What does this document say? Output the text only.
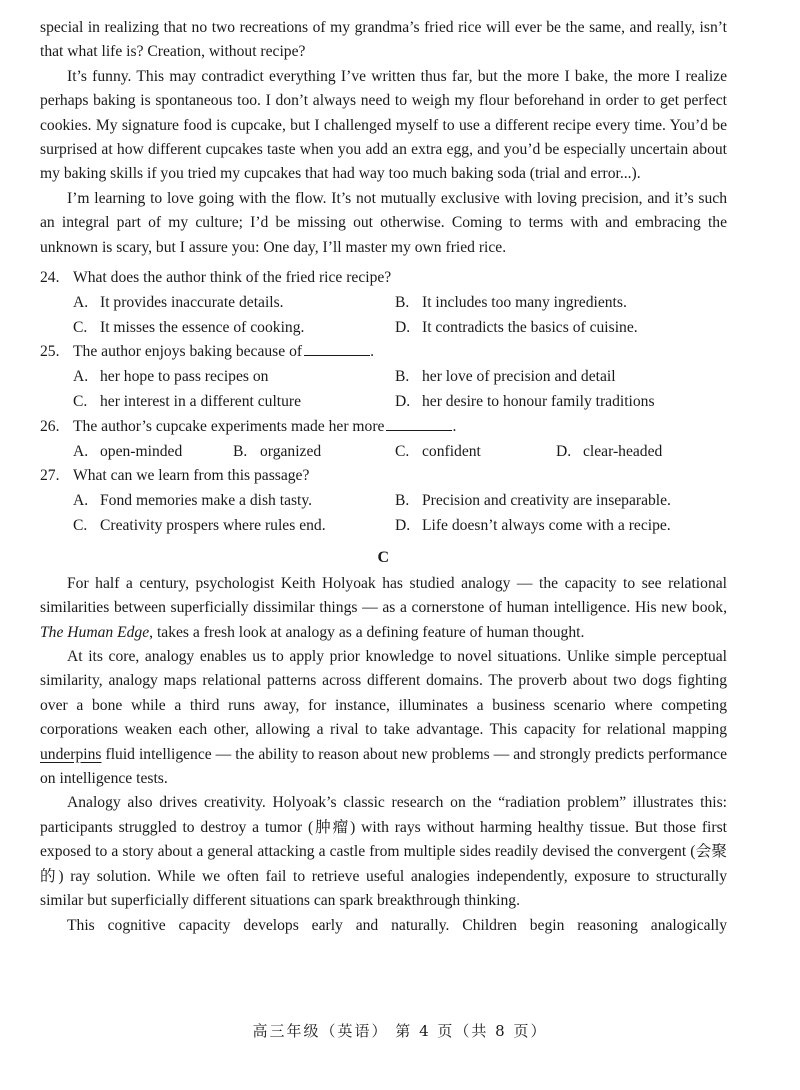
special in realizing that no two recreations of my grandma’s fried rice will ever be the same, and really, isn’t that what life is? Creation, without recipe?

It’s funny. This may contradict everything I’ve written thus far, but the more I bake, the more I realize perhaps baking is spontaneous too. I don’t always need to weigh my flour beforehand in order to get perfect cookies. My signature food is cupcake, but I challenged myself to use a different recipe every time. You’d be surprised at how different cupcakes taste when you add an extra egg, and you’d be especially uncertain about my baking skills if you tried my cupcakes that had way too much baking soda (trial and error...).

I’m learning to love going with the flow. It’s not mutually exclusive with loving precision, and it’s such an integral part of my culture; I’d be missing out otherwise. Coming to terms with and embracing the unknown is scary, but I assure you: One day, I’ll master my own fried rice.

24. What does the author think of the fried rice recipe?
A. It provides inaccurate details.	B. It includes too many ingredients.
C. It misses the essence of cooking.	D. It contradicts the basics of cuisine.
25. The author enjoys baking because of	.
A. her hope to pass recipes on	B. her love of precision and detail
C. her interest in a different culture	D. her desire to honour family traditions
26. The author’s cupcake experiments made her more	.
A. open-minded	B. organized	C. confident	D. clear-headed
27. What can we learn from this passage?
A. Fond memories make a dish tasty.	B. Precision and creativity are inseparable.
C. Creativity prospers where rules end.	D. Life doesn’t always come with a recipe.
C

For half a century, psychologist Keith Holyoak has studied analogy — the capacity to see relational similarities between superficially dissimilar things — as a cornerstone of human intelligence. His new book, The Human Edge, takes a fresh look at analogy as a defining feature of human thought.

At its core, analogy enables us to apply prior knowledge to novel situations. Unlike simple perceptual similarity, analogy maps relational patterns across different domains. The proverb about two dogs fighting over a bone while a third runs away, for instance, illuminates a business scenario where competing corporations weaken each other, allowing a rival to take advantage. This capacity for relational mapping underpins fluid intelligence — the ability to reason about new problems — and strongly predicts performance on intelligence tests.

Analogy also drives creativity. Holyoak’s classic research on the “radiation problem” illustrates this: participants struggled to destroy a tumor (肿瘤) with rays without harming healthy tissue. But those first exposed to a story about a general attacking a castle from multiple sides readily devised the convergent (会聚的) ray solution. While we often fail to retrieve useful analogies independently, exposure to structurally similar but superficially different situations can spark breakthrough thinking.

This cognitive capacity develops early and naturally. Children begin reasoning analogically

高三年级（英语） 第 4 页（共 8 页）
